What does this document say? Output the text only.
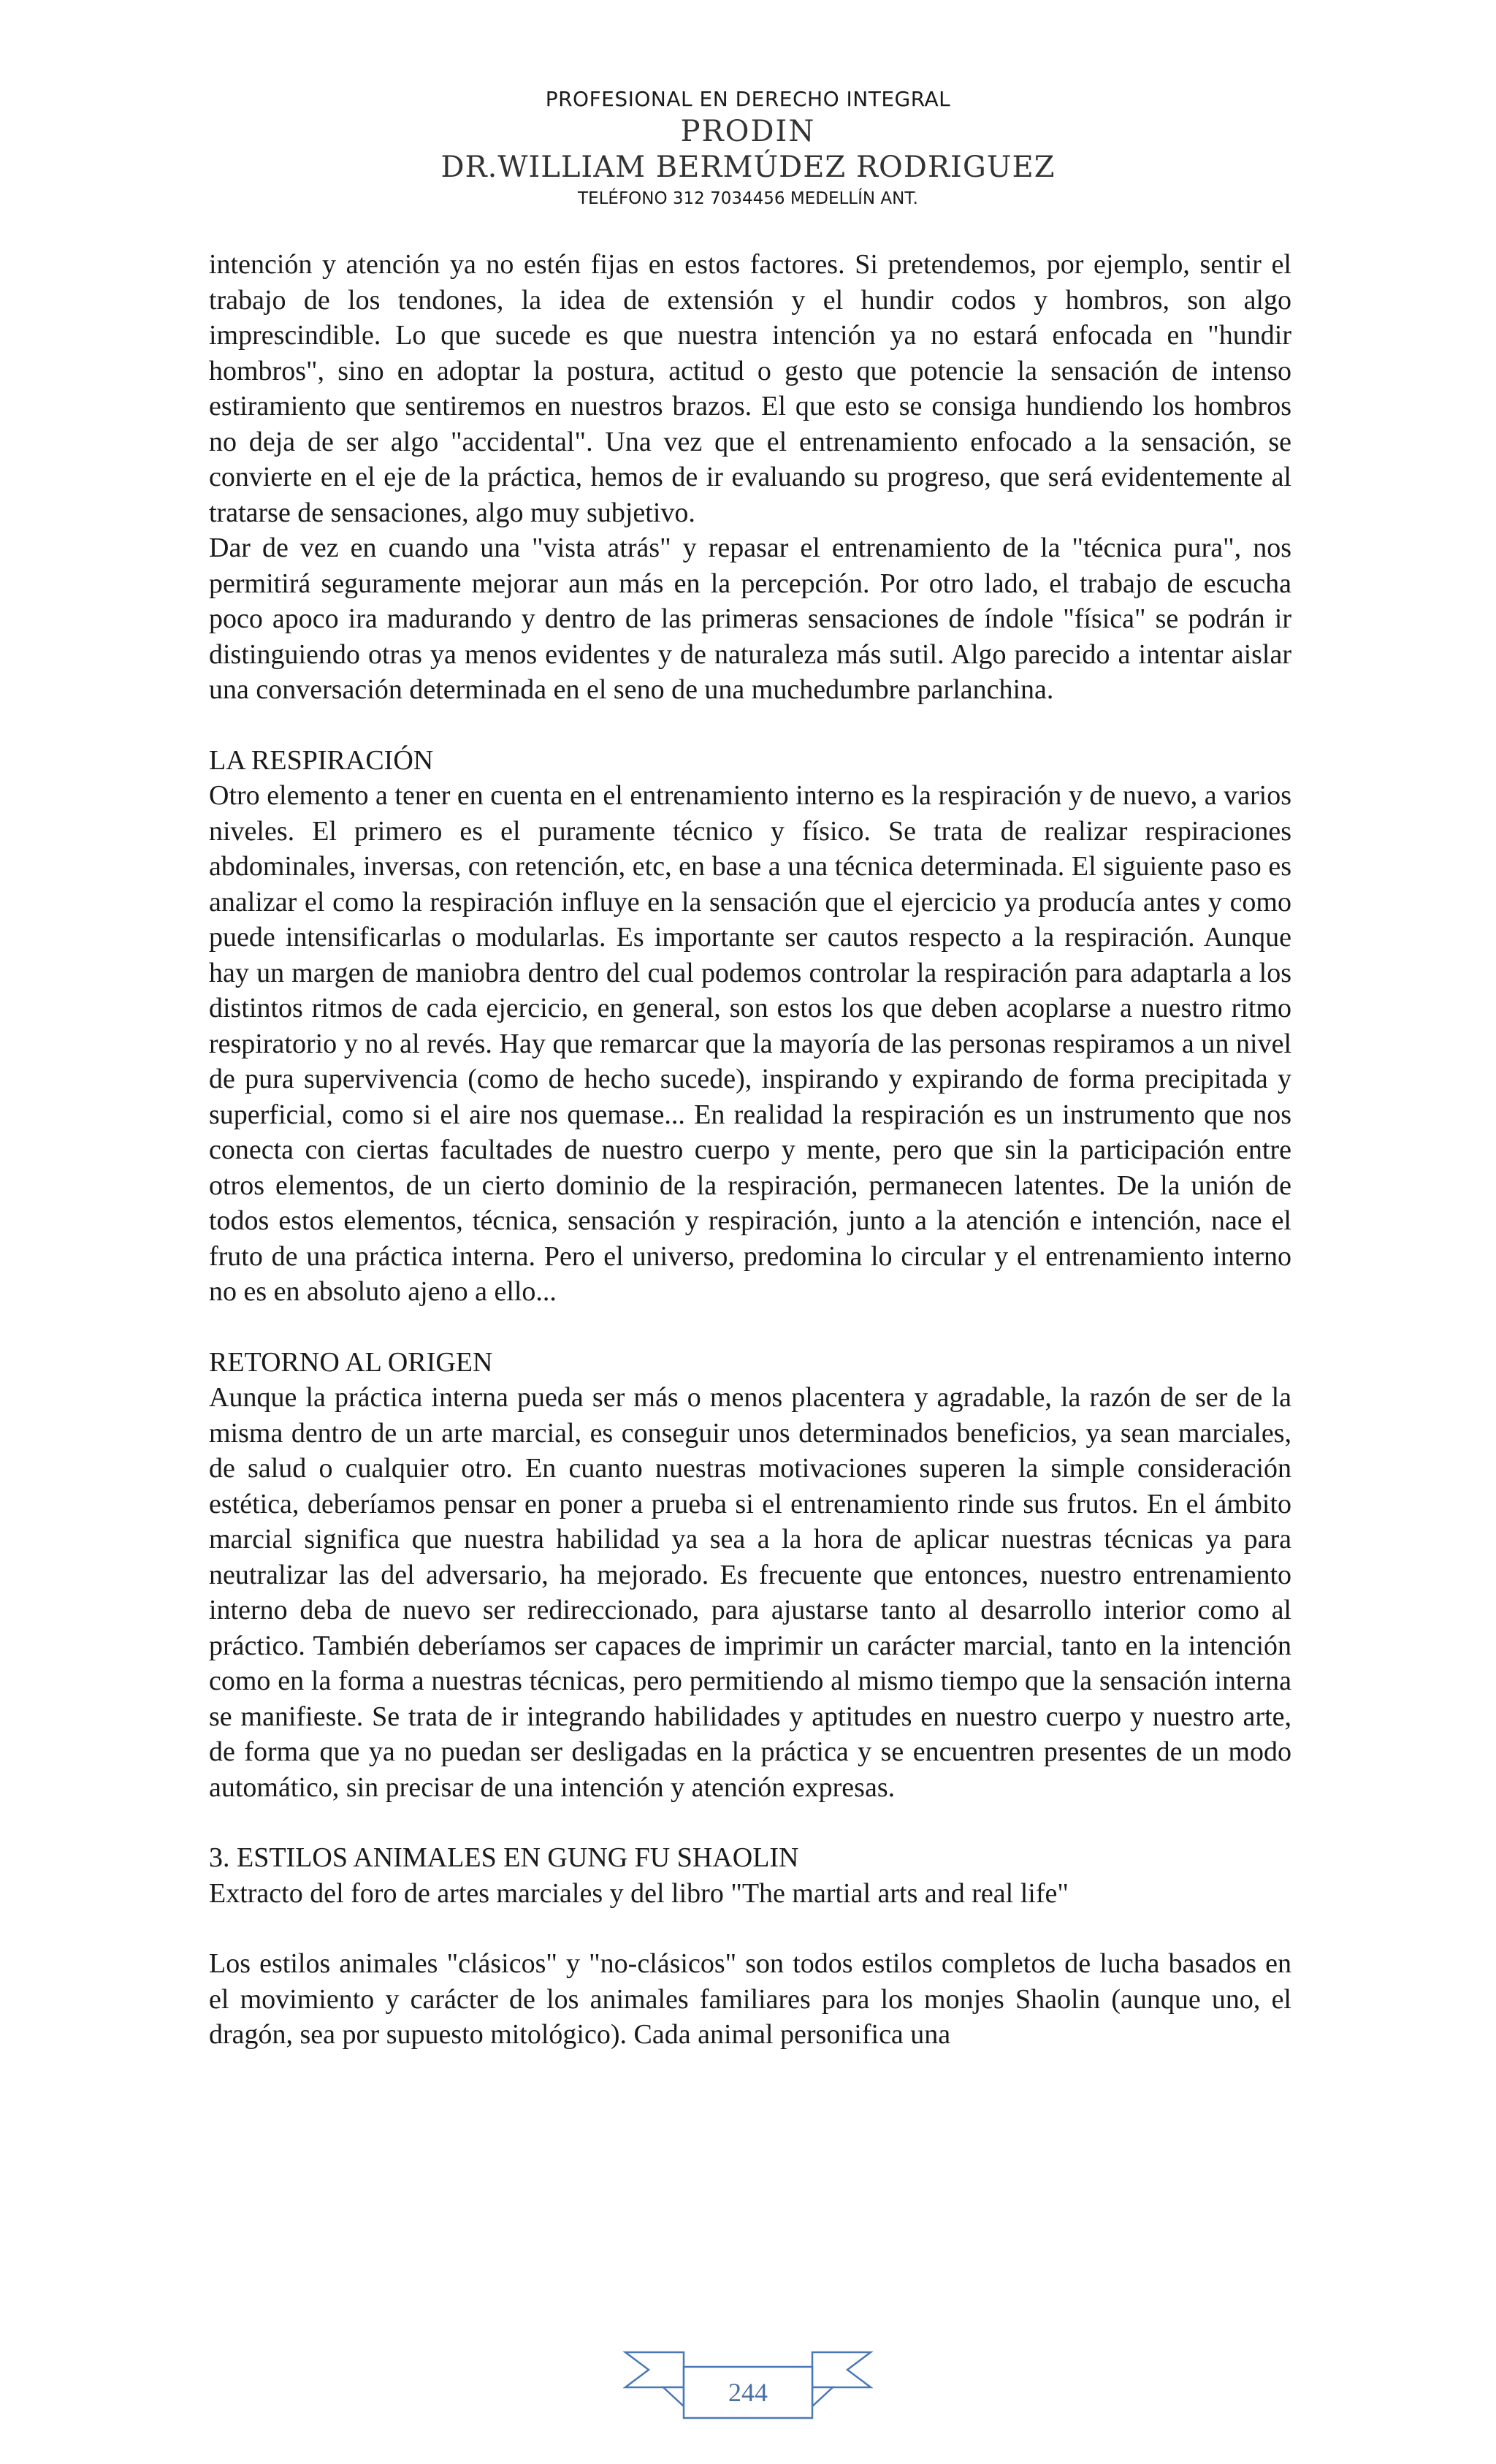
PROFESIONAL EN DERECHO INTEGRAL
PRODIN
DR.WILLIAM BERMÚDEZ RODRIGUEZ
TELÉFONO 312 7034456 MEDELLÍN ANT.

intención y atención ya no estén fijas en estos factores. Si pretendemos, por ejemplo, sentir el trabajo de los tendones, la idea de extensión y el hundir codos y hombros, son algo imprescindible. Lo que sucede es que nuestra intención ya no estará enfocada en "hundir hombros", sino en adoptar la postura, actitud o gesto que potencie la sensación de intenso estiramiento que sentiremos en nuestros brazos. El que esto se consiga hundiendo los hombros no deja de ser algo "accidental". Una vez que el entrenamiento enfocado a la sensación, se convierte en el eje de la práctica, hemos de ir evaluando su progreso, que será evidentemente al tratarse de sensaciones, algo muy subjetivo.

Dar de vez en cuando una "vista atrás" y repasar el entrenamiento de la "técnica pura", nos permitirá seguramente mejorar aun más en la percepción. Por otro lado, el trabajo de escucha poco apoco ira madurando y dentro de las primeras sensaciones de índole "física" se podrán ir distinguiendo otras ya menos evidentes y de naturaleza más sutil. Algo parecido a intentar aislar una conversación determinada en el seno de una muchedumbre parlanchina.

LA RESPIRACIÓN

Otro elemento a tener en cuenta en el entrenamiento interno es la respiración y de nuevo, a varios niveles. El primero es el puramente técnico y físico. Se trata de realizar respiraciones abdominales, inversas, con retención, etc, en base a una técnica determinada. El siguiente paso es analizar el como la respiración influye en la sensación que el ejercicio ya producía antes y como puede intensificarlas o modularlas. Es importante ser cautos respecto a la respiración. Aunque hay un margen de maniobra dentro del cual podemos controlar la respiración para adaptarla a los distintos ritmos de cada ejercicio, en general, son estos los que deben acoplarse a nuestro ritmo respiratorio y no al revés. Hay que remarcar que la mayoría de las personas respiramos a un nivel de pura supervivencia (como de hecho sucede), inspirando y expirando de forma precipitada y superficial, como si el aire nos quemase... En realidad la respiración es un instrumento que nos conecta con ciertas facultades de nuestro cuerpo y mente, pero que sin la participación entre otros elementos, de un cierto dominio de la respiración, permanecen latentes. De la unión de todos estos elementos, técnica, sensación y respiración, junto a la atención e intención, nace el fruto de una práctica interna. Pero el universo, predomina lo circular y el entrenamiento interno no es en absoluto ajeno a ello...

RETORNO AL ORIGEN

Aunque la práctica interna pueda ser más o menos placentera y agradable, la razón de ser de la misma dentro de un arte marcial, es conseguir unos determinados beneficios, ya sean marciales, de salud o cualquier otro. En cuanto nuestras motivaciones superen la simple consideración estética, deberíamos pensar en poner a prueba si el entrenamiento rinde sus frutos. En el ámbito marcial significa que nuestra habilidad ya sea a la hora de aplicar nuestras técnicas ya para neutralizar las del adversario, ha mejorado. Es frecuente que entonces, nuestro entrenamiento interno deba de nuevo ser redireccionado, para ajustarse tanto al desarrollo interior como al práctico. También deberíamos ser capaces de imprimir un carácter marcial, tanto en la intención como en la forma a nuestras técnicas, pero permitiendo al mismo tiempo que la sensación interna se manifieste. Se trata de ir integrando habilidades y aptitudes en nuestro cuerpo y nuestro arte, de forma que ya no puedan ser desligadas en la práctica y se encuentren presentes de un modo automático, sin precisar de una intención y atención expresas.

3. ESTILOS ANIMALES EN GUNG FU SHAOLIN

Extracto del foro de artes marciales y del libro "The martial arts and real life"

Los estilos animales "clásicos" y "no-clásicos" son todos estilos completos de lucha basados en el movimiento y carácter de los animales familiares para los monjes Shaolin (aunque uno, el dragón, sea por supuesto mitológico). Cada animal personifica una

244
